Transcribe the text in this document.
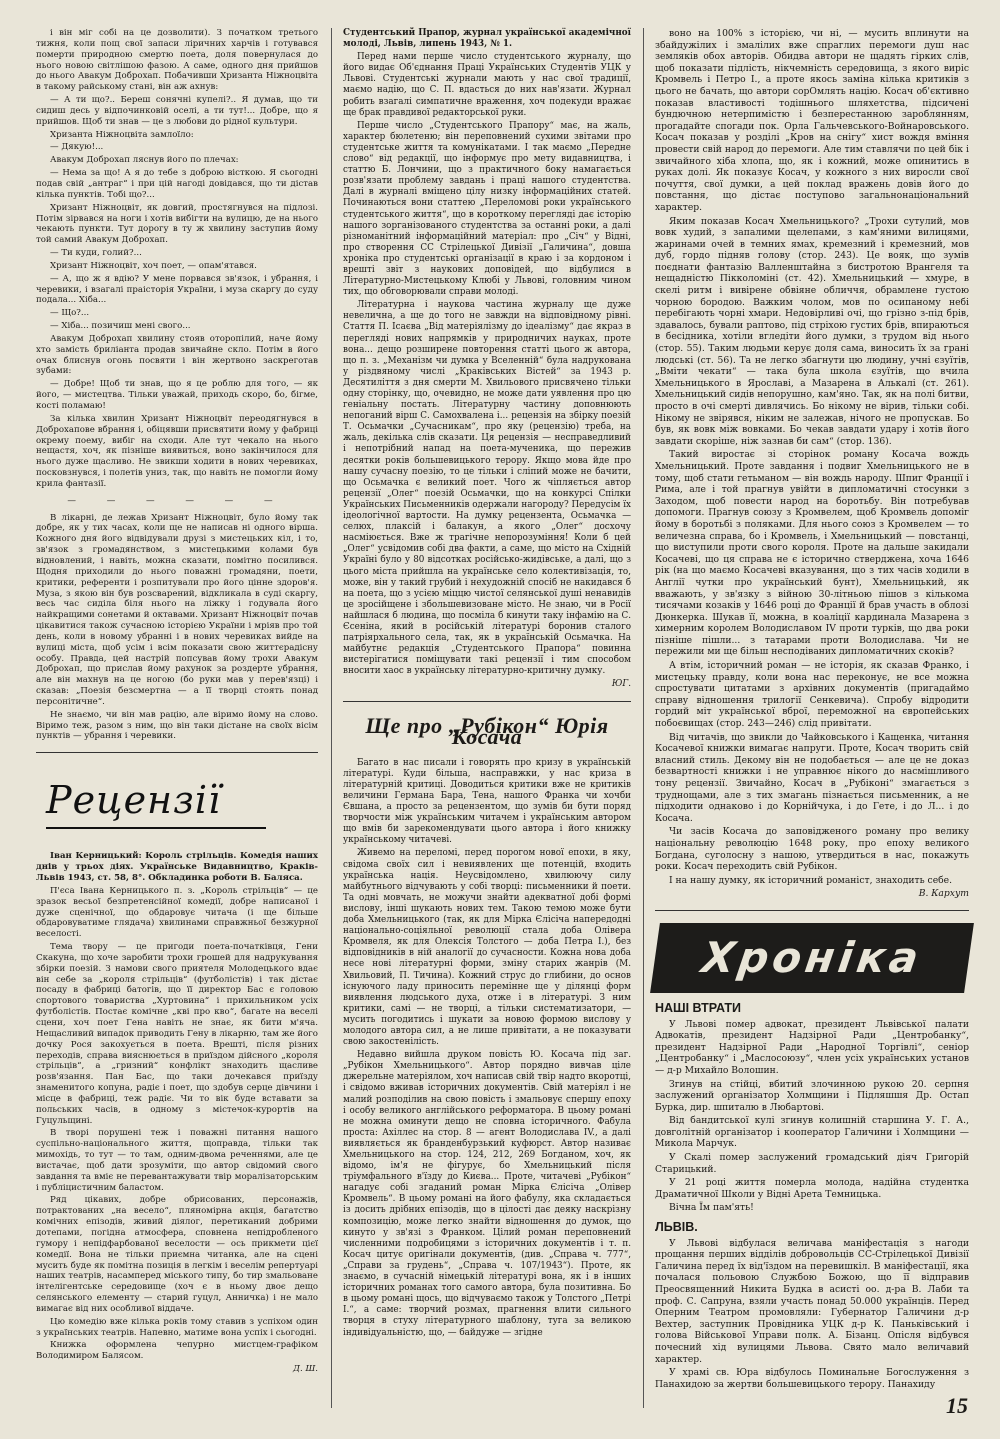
і він міг собі на це дозволити). З початком третього тижня, коли пощ свої запаси ліричних харчів і готувався померти природною смертю поета, доля повернулася до нього новою світлішою фазою. А саме, одного дня прийшов до нього Авакум Доброхап. Побачивши Хризанта Ніжноцвіта в такому райському стані, він аж ахнув:

— А ти що?.. Береш сонячні купелі?.. Я думав, що ти сидиш десь у відпочинковій оселі, а ти тут!... Добре, що я прийшов. Щоб ти знав — це з любови до рідної культури.

Хризанта Ніжноцвіта замлоїло:

— Дякую!...

Авакум Доброхап ляснув його по плечах:

— Нема за що! А я до тебе з доброю вісткою. Я сьогодні подав свій „антраг“ і при цій нагоді довідався, що ти дістав кілька пунктів. Тобі що?...

Хризант Ніжноцвіт, як довгий, простягнувся на підлозі. Потім зірвався на ноги і хотів вибігти на вулицю, де на нього чекають пункти. Тут дорогу в ту ж хвилину заступив йому той самий Авакум Доброхап.

— Ти куди, голий?...

Хризант Ніжноцвіт, хоч поет, — опам'ятався.

— А, що ж я вдію? У мене порвався зв'язок, і убрання, і черевики, і взагалі праісторія України, і муза скаргу до суду подала... Хіба...

— Що?...

— Хіба... позичиш мені свого...

Авакум Доброхап хвилину стояв оторопілий, наче йому хто замість бриліанта продав звичайне скло. Потім в його очах блиснув огонь посвяти і він жертвоно заскреготав зубами:

— Добре! Щоб ти знав, що я це роблю для того, — як його, — мистецтва. Тільки уважай, приходь скоро, бо, бігме, кості поламаю!

За кілька хвилин Хризант Ніжноцвіт переодягнувся в Доброхапове вбрання і, обіцявши присвятити йому у фабриці окрему поему, вибіг на сходи. Але тут чекало на нього нещастя, хоч, як пізніше виявиться, воно закінчилося для нього дуже щасливо. Не звикши ходити в нових черевиках, посковзнувся, і полетів униз, так, що навіть не помогли йому крила фантазії.

— — — — — —

В лікарні, де лежав Хризант Ніжноцвіт, було йому так добре, як у тих часах, коли ще не написав ні одного вірша. Кожного дня його відвідували друзі з мистецьких кіл, і то, зв'язок з громадянством, з мистецькими колами був відновлений, і навіть, можна сказати, помітно посилився. Щодня приходили до нього поважні громадяни, поети, критики, референти і розпитували про його цінне здоров'я. Муза, з якою він був розсварений, відкликала в суді скаргу, весь час сиділа біля нього на ліжку і годувала його найкращими сонетами й октавами. Хризант Ніжноцвіт почав цікавитися також сучасною історією України і мріяв про той день, коли в новому убранні і в нових черевиках вийде на вулиці міста, щоб усім і всім показати свою життєрадісну особу. Правда, цей настрій попсував йому трохи Авакум Доброхап, що прислав йому рахунок за роздерте убрання, але він махнув на це ногою (бо руки мав у перев'язці) і сказав: „Поезія безсмертна — а її творці стоять понад персонітичне“.

Не знаємо, чи він мав рацію, але віримо йому на слово. Віримо теж, разом з ним, що він таки дістане на своїх вісім пунктів — убрання і черевики.

Рецензії

Іван Керницький: Король стрільців. Комедія наших днів у трьох діях. Українське Видавництво, Краків-Львів 1943, ст. 58, 8°. Обкладинка роботи В. Баляса.

П'єса Івана Керницького п. з. „Король стрільців“ — це зразок весьої безпретенсійної комедії, добре написаної і дуже сценічної, що обдаровує читача (і ще більше обдаровуватиме глядача) хвилинами справжньої безжурної веселості.

Тема твору — це пригоди поета-початківця, Гени Скакуна, що хоче заробити трохи грошей для надрукування збірки поезій. З намови свого приятеля Молодецького вдає він себе за „короля стрільців“ (футболістів) і так дістає посаду в фабриці батогів, що її директор Бас є головою спортового товариства „Хуртовина“ і прихильником усіх футболістів. Постає комічне „кві про кво“, багате на веселі сцени, хоч поет Гена навіть не знає, як бити м'яча. Нещасливий випадок приводить Гену в лікарню, там же його дочку Рося закохується в поета. Врешті, після різних переходів, справа вияснюється в приїздом дійсного „короля стрільців“, а „гризний“ конфлікт знаходить щасливе розв'язання. Пан Бас, що таки дочекався приїзду знаменитого копуна, радіє і поет, що здобув серце дівчини і місце в фабриці, теж радіє. Чи то вік буде вставати за польських часів, в одному з містечок-курортів на Гуцульщині.

В творі порушені теж і поважні питання нашого суспільно-національного життя, щоправда, тільки так мимохідь, то тут — то там, одним-двома реченнями, але це вистачає, щоб дати зрозуміти, що автор свідомий свого завдання та вміє не перевантажувати твір моралізаторським і публіцистичним баластом.

Ряд цікавих, добре обрисованих, персонажів, потрактованих „на весело“, пляномірна акція, багатство комічних епізодів, живий діялог, перетиканий добрими дотепами, погідна атмосфера, сповнена непідробленого гумору і непідфарбованої веселости — ось прикмети цієї комедії. Вона не тільки приємна читанка, але на сцені мусить буде як помітна позиція в легкім і веселім репертуарі наших театрів, насамперед міського типу, бо тир змальоване інтелігентське середовище (хоч є в ньому двоє дещо селянського елементу — старий гуцул, Анничка) і не мало вимагає від них особливої віддаче.

Цю комедію вже кілька років тому ставив з успіхом один з українських театрів. Напевно, матиме вона успіх і сьогодні.

Книжка оформлена чепурно мистцем-графіком Володимиром Балясом.

Д. Ш.

Студентський Прапор, журнал української академічної молоді, Львів, липень 1943, № 1.

Перед нами перше число студентського журналу, що його видає Об'єднання Праці Українських Студентів УЦК у Львові. Студентські журнали мають у нас свої традиції, маємо надію, що С. П. вдасться до них нав'язати. Журнал робить взагалі симпатичне враження, хоч подекуди вражає ще брак правдивої редакторської руки.

Перше число „Студентського Прапору“ має, на жаль, характер бюлетеню; він переповнений сухими звітами про студентське життя та комунікатами. І так маємо „Передне слово“ від редакції, що інформує про мету видавництва, і статтю Б. Лончини, що з практичного боку намагається розв'язати проблему завдань і праці нашого студентства. Далі в журналі вміщено цілу низку інформаційних статей. Починаються вони статтею „Переломові роки українського студентського життя“, що в короткому перегляді дає історію нашого зорганізованого студентства за останні роки, а далі різноманітний інформаційний матеріал: про „Січ“ у Відні, про створення СС Стрілецької Дивізії „Галичина“, довша хроніка про студентські організації в краю і за кордоном і врешті звіт з наукових доповідей, що відбулися в Літературно-Мистецькому Клюбі у Львові, головним чином тих, що обговорювали справи молоді.

Літературна і наукова частина журналу ще дуже невелична, а ще до того не завжди на відповідному рівні. Стаття П. Ісаєва „Від матеріялізму до ідеалізму“ дає якраз в перегляді нових напрямків у природничих науках, проте вона... дещо розширене повторення статті цього ж автора, що п. з. „Механізм чи думка у Вселенній“ була надрукована у різдвяному числі „Краківських Вістей“ за 1943 р. Десятиліття з дня смерти М. Хвильового присвячено тільки одну сторінку, що, очевидно, не може дати уявлення про цю геніальну постать. Літературну частину доповнюють непоганий вірш С. Самохвалена і... рецензія на збірку поезій Т. Осьмачки „Сучасникам“, про яку (рецензію) треба, на жаль, декілька слів сказати. Ця рецензія — несправедливий і непотрібний напад на поета-мученика, що пережив десятки років большевицького терору. Якщо мова йде про нашу сучасну поезію, то це тільки і сліпий може не бачити, що Осьмачка є великий поет. Чого ж чіпляється автор рецензії „Олег“ поезій Осьмачки, що на конкурсі Спілки Українських Письменників одержали нагороду? Передусім їх ідеологічної вартости. На думку рецензента, Осьмачка — селюх, плаксій і балакун, а якого „Олег“ досхочу насміюється. Вже ж трагічне непорозуміння! Коли б цей „Олег“ усвідомив собі два факти, а саме, що місто на Східній Україні було у 80 відсотках російсько-жидівське, а далі, що з цього міста прийшла на українське село колективізація, то, може, він у такий грубий і нехудожній спосіб не накидався б на поета, що з усією міццю чистої селянської душі ненавидів це зросійщене і збольшевизоване місто. Не знаю, чи в Росії найшлася б людина, що посміла б кинути таку інфамію на С. Єсеніна, який в російській літературі боронив сталого патріярхального села, так, як в українській Осьмачка. На майбутнє редакція „Студентського Прапора“ повинна вистерігатися поміщувати такі рецензії і тим способом вносити хаос в українську літературно-критичну думку.

ЮГ.
Ще про „Рубікон“ Юрія Косача

Багато в нас писали і говорять про кризу в українській літературі. Куди більша, насправжки, у нас криза в літературній критиці. Доводиться критики вже не критиків величини Германа Бара, Тена, нашого Франка чи хочби Євшана, а просто за рецензентом, що зумів би бути поряд творчости між українським читачем і українським автором що вмів би зарекомендувати цього автора і його книжку українському читачеві.

Живемо на переломі, перед порогом нової епохи, в яку, свідома своїх сил і невиявлених ще потенцій, входить українська нація. Неусвідомлено, хвилюючу силу майбутнього відчувають у собі творці: письменники й поети. Та одні мовчать, не можучи знайти адекватної добі формі вислову, інші шукають нових тем. Такою темою може бути доба Хмельницького (так, як для Мірка Єлісіча напередодні національно-соціяльної революції стала доба Олівера Кромвеля, як для Олексія Толстого — доба Петра І.), без відповідників в ній аналогії до сучасности. Кожна нова доба несе нові літературні форми, зміну старих жанрів (М. Хвильовий, П. Тичина). Кожний струс до глибини, до основ існуючого ладу приносить перемінне ще у ділянці форм виявлення людського духа, отже і в літературі. З ним критики, самі — не творці, а тільки систематизатори, — мусить погодитись і шукати за новою формою вислову у молодого автора сил, а не лише привітати, а не показувати свою закостенілість.

Недавно вийшла друком повість Ю. Косача під заг. „Рубікон Хмельницького“. Автор порядно вивчав ціле джерельне матеріялом, хоч написав свій твір надто вкоротці, і свідомо вживав історичних документів. Свій матеріял і не малий розподілив на свою повість і змальовує спершу епоху і особу великого англійського реформатора. В цьому романі не можна оминути дещо не сповна історичного. Фабула проста: Ахіллес на стор. 8 — агент Володислава IV., а далі виявляється як бранденбурзький куфюрст. Автор називає Хмельницького на стор. 124, 212, 269 Богданом, хоч, як відомо, ім'я не фігурує, бо Хмельницький після тріумфального в'їзду до Києва... Проте, читачеві „Рубікон“ нагадує собі згаданий роман Мірка Єлісіча „Олівер Кромвель“. В цьому романі на його фабулу, яка складається із досить дрібних епізодів, що в цілості дає деяку наскрізну композицію, може легко знайти відношення до думок, що кинуто у зв'язі з Франком. Цілий роман переповнений численними подробицями з історичних документів і т. п. Косач цитує оригінали документів, (див. „Справа ч. 777“, „Справи за грудень“, „Справа ч. 107/1943“). Проте, як знаємо, в сучасній німецькій літературі вона, як і в інших історичних романах того самого автора, була позитивна. Бо в цьому романі щось, що відчуваємо також у Толстого „Петрі І.“, а саме: творчий розмах, прагнення влити сильного творця в стуху літературного шаблону, туга за великою індивідуальністю, що, — байдуже — згідне

воно на 100% з історією, чи ні, — мусить вплинути на збайдужілих і змалілих вже спраглих перемоги душ нас земляків обох авторів. Обидва автори не щадять гірких слів, щоб показати підлість, нікчемність середовища, з якого виріс Кромвель і Петро І., а проте якось заміна кілька критиків з цього не бачать, що автори сорОмлять націю. Косач об'єктивно показав властивості тодішнього шляхетства, підсичені бундючною нетерпимістю і безперестанною зароблянням, прогадайте спогади пок. Орла Гальчевського-Войнаровського. Косач показав у розділі „Кров на снігу“ хист вождя вміння провести свій народ до перемоги. Але тим ставлячи по цей бік і звичайного хіба хлопа, що, як і кожний, може опинитись в руках долі. Як показує Косач, у кожного з них виросли свої почуття, свої думки, а цей поклад вражень довів його до повстання, що дістає поступово загальнонаціональний характер.

Яким показав Косач Хмельницького? „Трохи сутулий, мов вовк худий, з запалими щелепами, з кам'яними вилицями, жаринами очей в темних ямах, кремезний і кремезний, мов дуб, гордо підняв голову (стор. 243). Це вояк, що зумів поєднати фантазію Валленштайна з бистротою Врангеля та нещадністю Пікколоміні (ст. 42). Хмельницький — хмуре, в скелі ритм і вивірене обвіяне обличчя, обрамлене густою чорною бородою. Важким чолом, мов по осипаному небі перебігають чорні хмари. Недовірливі очі, що грізно з-під брів, здавалось, бували раптово, під стріхою густих брів, впираються в бесідника, хотіли вгледіти його думки, з трудом від нього (стор. 55). Таким людьми керує доля сама, виносить їх за грані людські (ст. 56). Та не легко збагнути цю людину, учні єзуїтів, „Вміти чекати“ — така була школа єзуїтів, що вчила Хмельницького в Ярославі, а Мазарена в Алькалі (ст. 261). Хмельницький сидів непорушно, кам'яно. Так, як на полі битви, просто в очі смерті дивлячись. Бо нікому не вірив, тільки собі. Нікому не звірявся, ніким не залежав, нічого не пропускав. Бо був, як вовк між вовками. Бо чекав завдати удару і хотів його завдати скоріше, ніж зазнав би сам“ (стор. 136).

Такий виростає зі сторінок роману Косача вождь Хмельницький. Проте завдання і подвиг Хмельницького не в тому, щоб стати гетьманом — він вождь народу. Шпиг Франції і Рима, але і той прагнув увійти в дипломатичні стосунки з Заходом, щоб повести народ на боротьбу. Він потребував допомоги. Прагнув союзу з Кромвелем, щоб Кромвель допоміг йому в боротьбі з поляками. Для нього союз з Кромвелем — то величезна справа, бо і Кромвель, і Хмельницький — повстанці, що виступили проти свого короля. Проте на дальше закидали Косачеві, що ця справа не є історично стверджена, хоча 1646 рік (на що маємо Косачеві вказування, що з тих часів ходили в Англії чутки про український бунт), Хмельницький, як вважають, у зв'язку з війною 30-літньою пішов з кількома тисячами козаків у 1646 році до Франції й брав участь в облозі Дюнкерка. Шукав її, можна, в коаліції кардинала Мазарена з химерним королем Володиславом IV проти турків, що два роки пізніше пішли... з татарами проти Володислава. Чи не пережили ми ще більш несподіваних дипломатичних скоків?

А втім, історичний роман — не історія, як сказав Франко, і мистецьку правду, коли вона нас переконує, не все можна спростувати цитатами з архівних документів (пригадаймо справу відношення трилогії Сенкевича). Спробу відродити гордий міт української вброї, переможної на європейських побоєвищах (стор. 243—246) слід привітати.

Від читачів, що звикли до Чайковського і Кащенка, читання Косачевої книжки вимагає напруги. Проте, Косач творить свій власний стиль. Декому він не подобається — але це не доказ безвартності книжки і не управнює нікого до насмішливого тону рецензії. Звичайно, Косач в „Рубіконі“ змагається з труднощами, але з тих змагань пізнається письменник, а не підходити однаково і до Корнійчука, і до Гете, і до Л... і до Косача.

Чи засів Косача до заповідженого роману про велику національну революцію 1648 року, про епоху великого Богдана, суголосну з нашою, утвердиться в нас, покажуть роки. Косач переходить свій Рубікон.

І на нашу думку, як історичний романіст, знаходить себе.

В. Кархут
Хроніка
НАШІ ВТРАТИ

У Львові помер адвокат, президент Львівської палати Адвокатів, президент Надзірної Ради „Центробанку“, президент Надзірної Ради „Народної Торгівлі“, сеніор „Центробанку“ і „Маслосоюзу“, член усіх українських установ — д-р Михайло Волошин.

Згинув на стійці, вбитий злочинною рукою 20. серпня заслужений організатор Холмщини і Підляшшя Др. Остап Бурка, дир. шпиталю в Любартові.

Від бандитської кулі згинув колишній старшина У. Г. А., довголітній організатор і кооператор Галичини і Холмщини — Микола Марчук.

У Скалі помер заслужений громадський діяч Григорій Старицький.

У 21 році життя померла молода, надійна студентка Драматичної Школи у Відні Арета Темницька.

Вічна Їм пам'ять!

ЛЬВІВ.

У Львові відбулася величава маніфестація з нагоди прощання перших відділів добровольців СС-Стрілецької Дивізії Галичина перед їх від'їздом на перевишкіл. В маніфестації, яка почалася польовою Службою Божою, що її відправив Преосвященний Никита Будка в асисті оо. д-ра В. Лаби та проф. С. Сапруна, взяли участь понад 50.000 українців. Перед Оперним Театром промовляли: Губернатор Галичини д-р Вехтер, заступник Провідника УЦК д-р К. Паньківський і голова Військової Управи полк. А. Бізанц. Опісля відбувся почесний хід вулицями Львова. Свято мало величавий характер.

У храмі св. Юра відбулось Поминальне Богослуження з Панахидою за жертви большевицького терору. Панахиду

15
